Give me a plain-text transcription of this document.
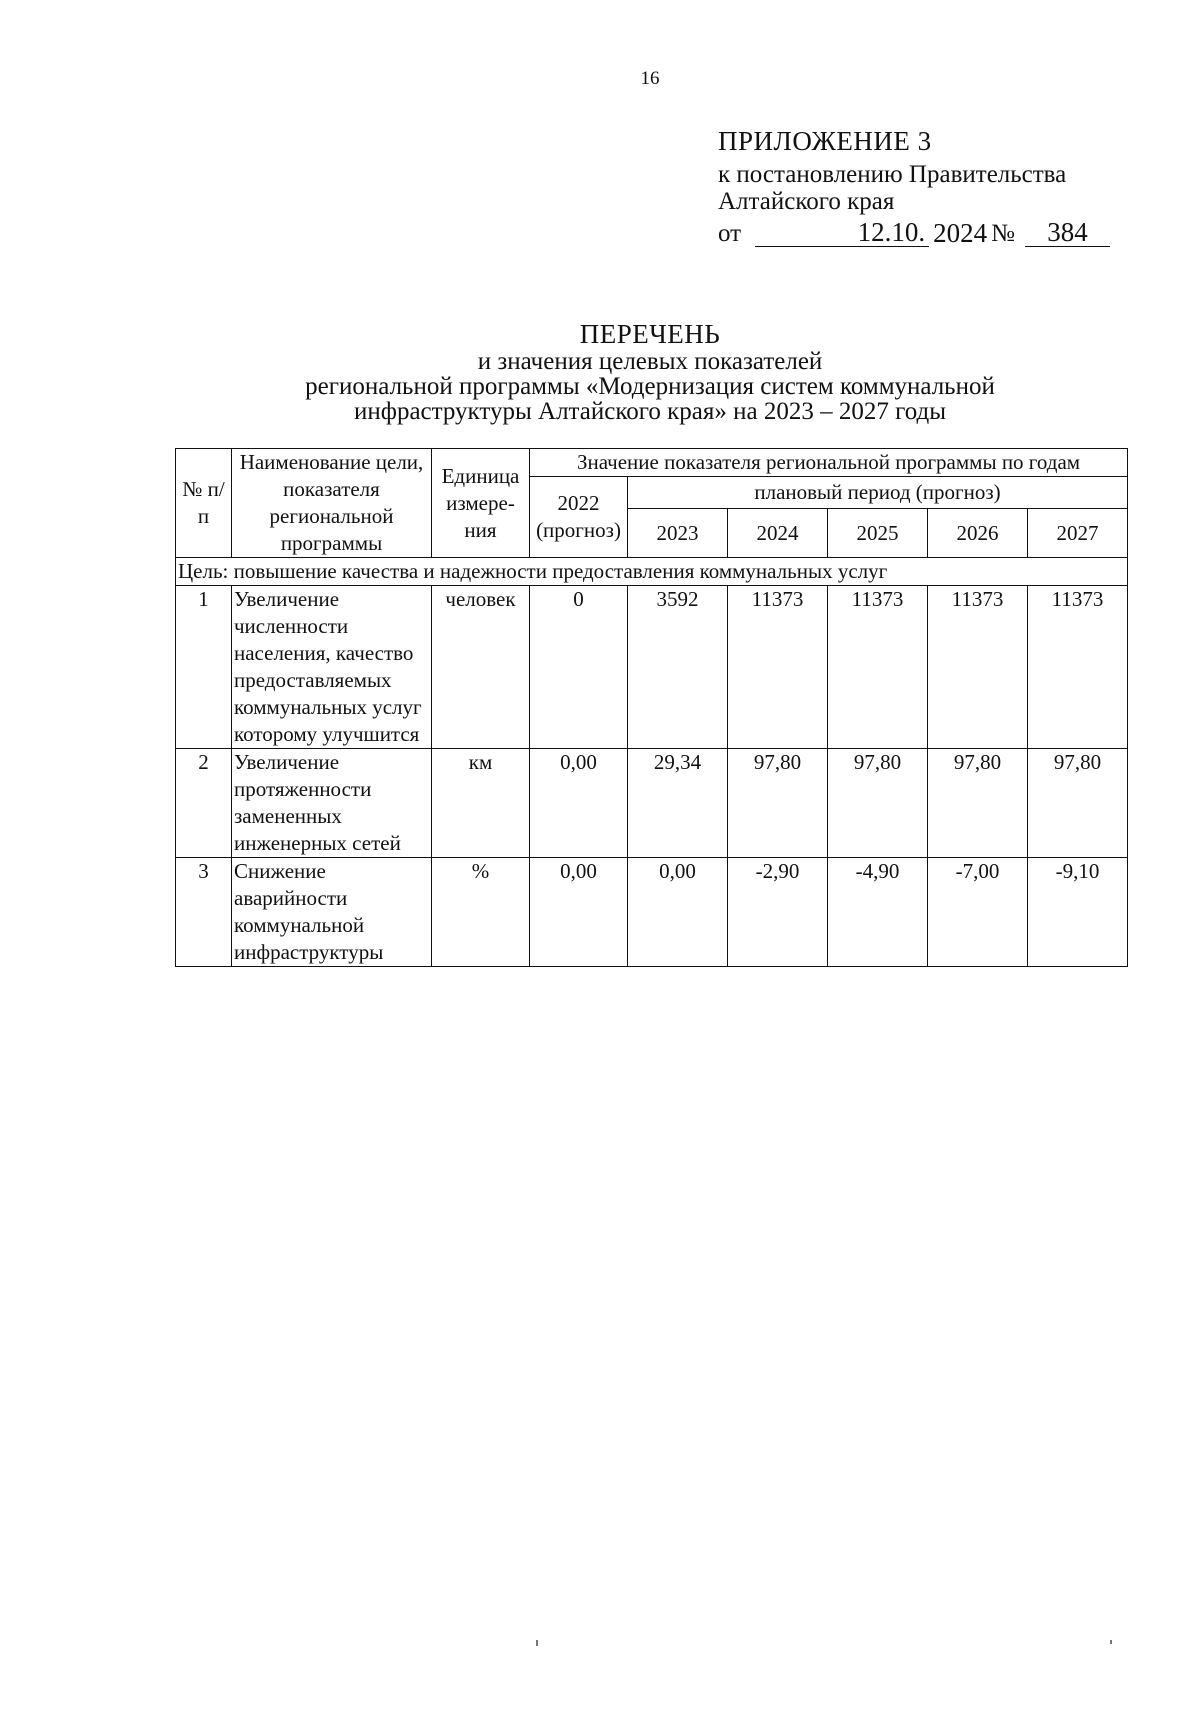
16
ПРИЛОЖЕНИЕ 3
к постановлению Правительства
Алтайского края
от	12.10. 2024 №	384
ПЕРЕЧЕНЬ
и значения целевых показателей
региональной программы «Модернизация систем коммунальной
инфраструктуры Алтайского края» на 2023 – 2027 годы
№ п/п	Наименование цели, показателя региональной программы	Единица измере-ния	Значение показателя региональной программы по годам					
			2022 (прогноз)	плановый период (прогноз)				
				2023	2024	2025	2026	2027
Цель: повышение качества и надежности предоставления коммунальных услуг								
1	Увеличение численности населения, качество предоставляемых коммунальных услуг которому улучшится	человек	0	3592	11373	11373	11373	11373
2	Увеличение протяженности замененных инженерных сетей	км	0,00	29,34	97,80	97,80	97,80	97,80
3	Снижение аварийности коммунальной инфраструктуры	%	0,00	0,00	-2,90	-4,90	-7,00	-9,10
